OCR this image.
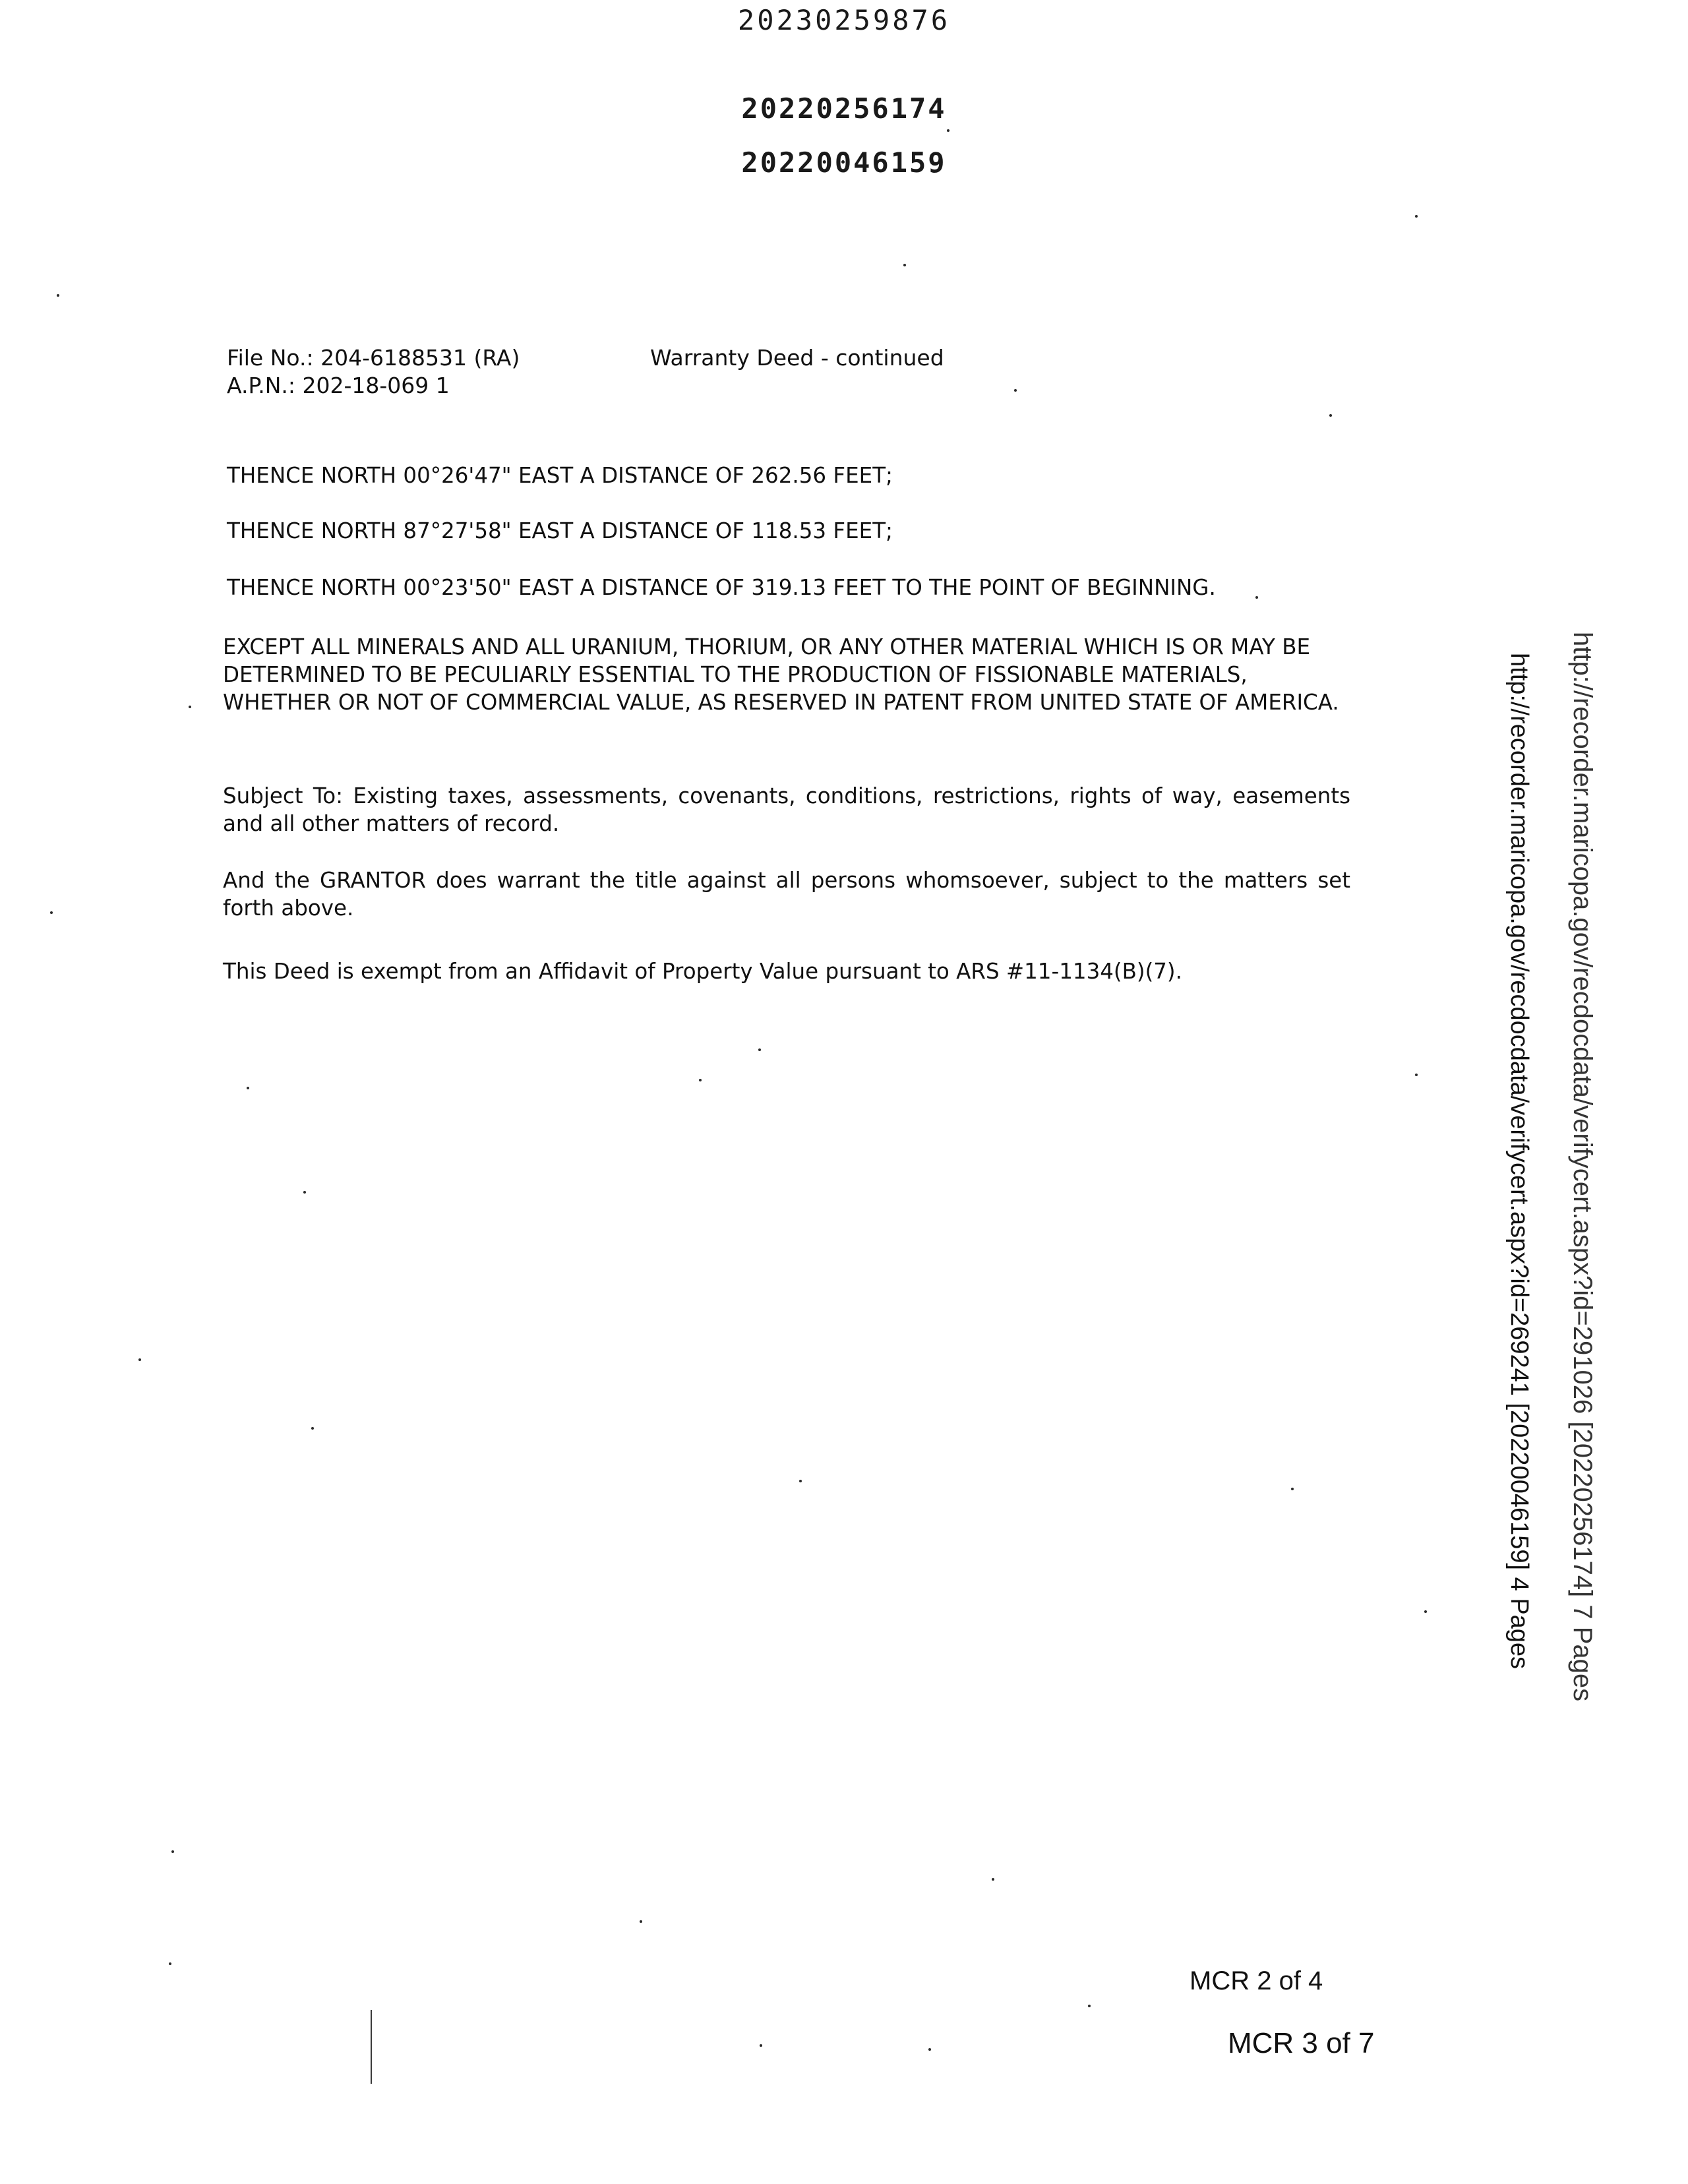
20230259876
20220256174
20220046159
File No.: 204-6188531 (RA)
A.P.N.: 202-18-069 1
Warranty Deed - continued
THENCE NORTH 00°26'47" EAST A DISTANCE OF 262.56 FEET;
THENCE NORTH 87°27'58" EAST A DISTANCE OF 118.53 FEET;
THENCE NORTH 00°23'50" EAST A DISTANCE OF 319.13 FEET TO THE POINT OF BEGINNING.
EXCEPT ALL MINERALS AND ALL URANIUM, THORIUM, OR ANY OTHER MATERIAL WHICH IS OR MAY BE DETERMINED TO BE PECULIARLY ESSENTIAL TO THE PRODUCTION OF FISSIONABLE MATERIALS, WHETHER OR NOT OF COMMERCIAL VALUE, AS RESERVED IN PATENT FROM UNITED STATE OF AMERICA.
Subject To: Existing taxes, assessments, covenants, conditions, restrictions, rights of way, easements and all other matters of record.
And the GRANTOR does warrant the title against all persons whomsoever, subject to the matters set forth above.
This Deed is exempt from an Affidavit of Property Value pursuant to ARS #11-1134(B)(7).	http://recorder.maricopa.gov/recdocdata/verifycert.aspx?id=291026 [20220256174] 7 Pages
http://recorder.maricopa.gov/recdocdata/verifycert.aspx?id=269241 [20220046159] 4 Pages
MCR 2 of 4
MCR 3 of 7
